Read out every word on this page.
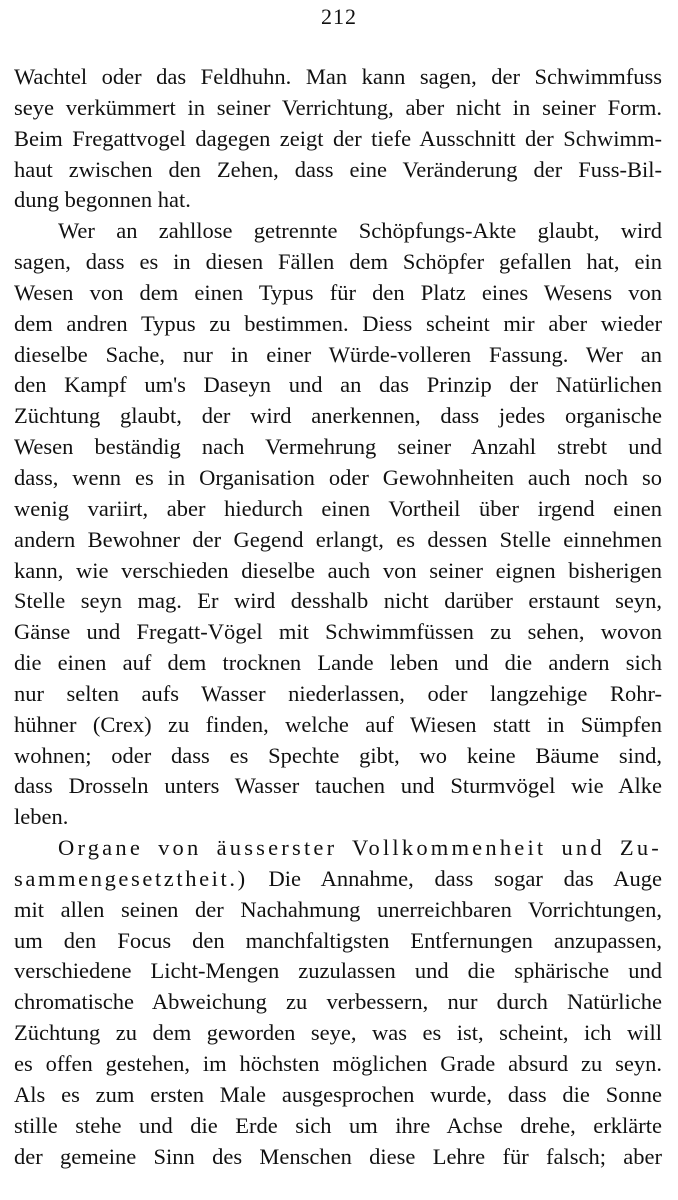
212
Wachtel oder das Feldhuhn. Man kann sagen, der Schwimmfuss
seye verkümmert in seiner Verrichtung, aber nicht in seiner Form.
Beim Fregattvogel dagegen zeigt der tiefe Ausschnitt der Schwimm-
haut zwischen den Zehen, dass eine Veränderung der Fuss-Bil-
dung begonnen hat.
Wer an zahllose getrennte Schöpfungs-Akte glaubt, wird
sagen, dass es in diesen Fällen dem Schöpfer gefallen hat, ein
Wesen von dem einen Typus für den Platz eines Wesens von
dem andren Typus zu bestimmen. Diess scheint mir aber wieder
dieselbe Sache, nur in einer Würde-volleren Fassung. Wer an
den Kampf um's Daseyn und an das Prinzip der Natürlichen
Züchtung glaubt, der wird anerkennen, dass jedes organische
Wesen beständig nach Vermehrung seiner Anzahl strebt und
dass, wenn es in Organisation oder Gewohnheiten auch noch so
wenig variirt, aber hiedurch einen Vortheil über irgend einen
andern Bewohner der Gegend erlangt, es dessen Stelle einnehmen
kann, wie verschieden dieselbe auch von seiner eignen bisherigen
Stelle seyn mag. Er wird desshalb nicht darüber erstaunt seyn,
Gänse und Fregatt-Vögel mit Schwimmfüssen zu sehen, wovon
die einen auf dem trocknen Lande leben und die andern sich
nur selten aufs Wasser niederlassen, oder langzehige Rohr-
hühner (Crex) zu finden, welche auf Wiesen statt in Sümpfen
wohnen; oder dass es Spechte gibt, wo keine Bäume sind,
dass Drosseln unters Wasser tauchen und Sturmvögel wie Alke
leben.
Organe von äusserster Vollkommenheit und Zu-
sammengesetztheit.) Die Annahme, dass sogar das Auge
mit allen seinen der Nachahmung unerreichbaren Vorrichtungen,
um den Focus den manchfaltigsten Entfernungen anzupassen,
verschiedene Licht-Mengen zuzulassen und die sphärische und
chromatische Abweichung zu verbessern, nur durch Natürliche
Züchtung zu dem geworden seye, was es ist, scheint, ich will
es offen gestehen, im höchsten möglichen Grade absurd zu seyn.
Als es zum ersten Male ausgesprochen wurde, dass die Sonne
stille stehe und die Erde sich um ihre Achse drehe, erklärte
der gemeine Sinn des Menschen diese Lehre für falsch; aber
